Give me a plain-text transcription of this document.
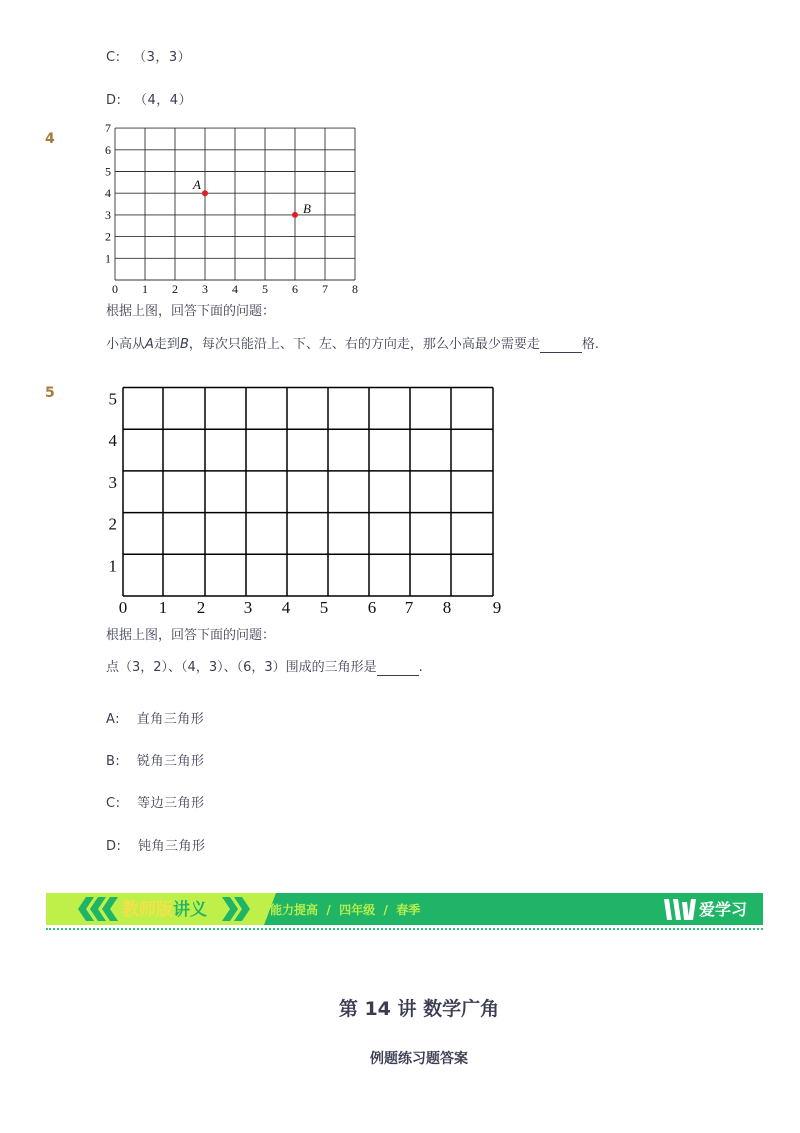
C: （3，3）
D: （4，4）
4
0 1 2 3 4 5 6 7 8
1
2
3
4
5
6
7
A
B
根据上图，回答下面的问题：
小高从A走到B，每次只能沿上、下、左、右的方向走，那么小高最少需要走	格.
5
0 1 2 3 4 5 6 7 8 9
1
2
3
4
5
根据上图，回答下面的问题：
点（3，2）、（4，3）、（6，3）围成的三角形是	.
A: 直角三角形
B: 锐角三角形
C: 等边三角形
D: 钝角三角形
教师版 讲义	能力提高  /  四年级  /  春季	爱学习
第 14 讲 数学广角
例题练习题答案
